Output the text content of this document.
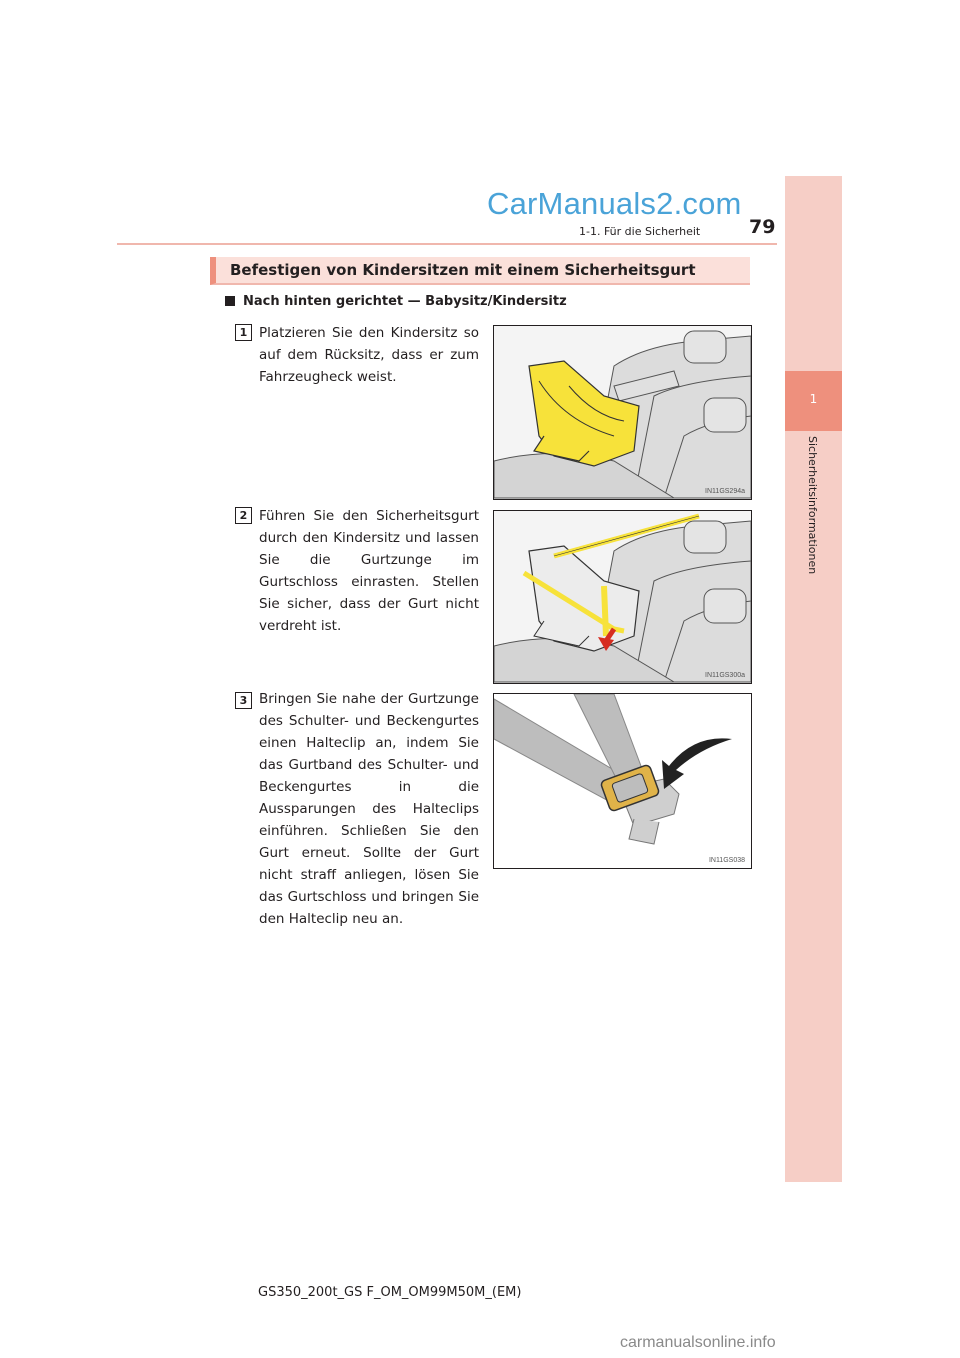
CarManuals2.com
1-1. Für die Sicherheit	79
1
Sicherheitsinformationen
Befestigen von Kindersitzen mit einem Sicherheitsgurt
Nach hinten gerichtet — Babysitz/Kindersitz
1 Platzieren Sie den Kindersitz so auf dem Rücksitz, dass er zum Fahrzeugheck weist.
IN11GS294a
2 Führen Sie den Sicherheitsgurt durch den Kindersitz und lassen Sie die Gurtzunge im Gurtschloss einrasten. Stellen Sie sicher, dass der Gurt nicht verdreht ist.
IN11GS300a
3 Bringen Sie nahe der Gurtzunge des Schulter- und Beckengurtes einen Halteclip an, indem Sie das Gurtband des Schulter- und Beckengurtes in die Aussparungen des Halteclips einführen. Schließen Sie den Gurt erneut. Sollte der Gurt nicht straff anliegen, lösen Sie das Gurtschloss und bringen Sie den Halteclip neu an.
IN11GS038
GS350_200t_GS F_OM_OM99M50M_(EM)
carmanualsonline.info
